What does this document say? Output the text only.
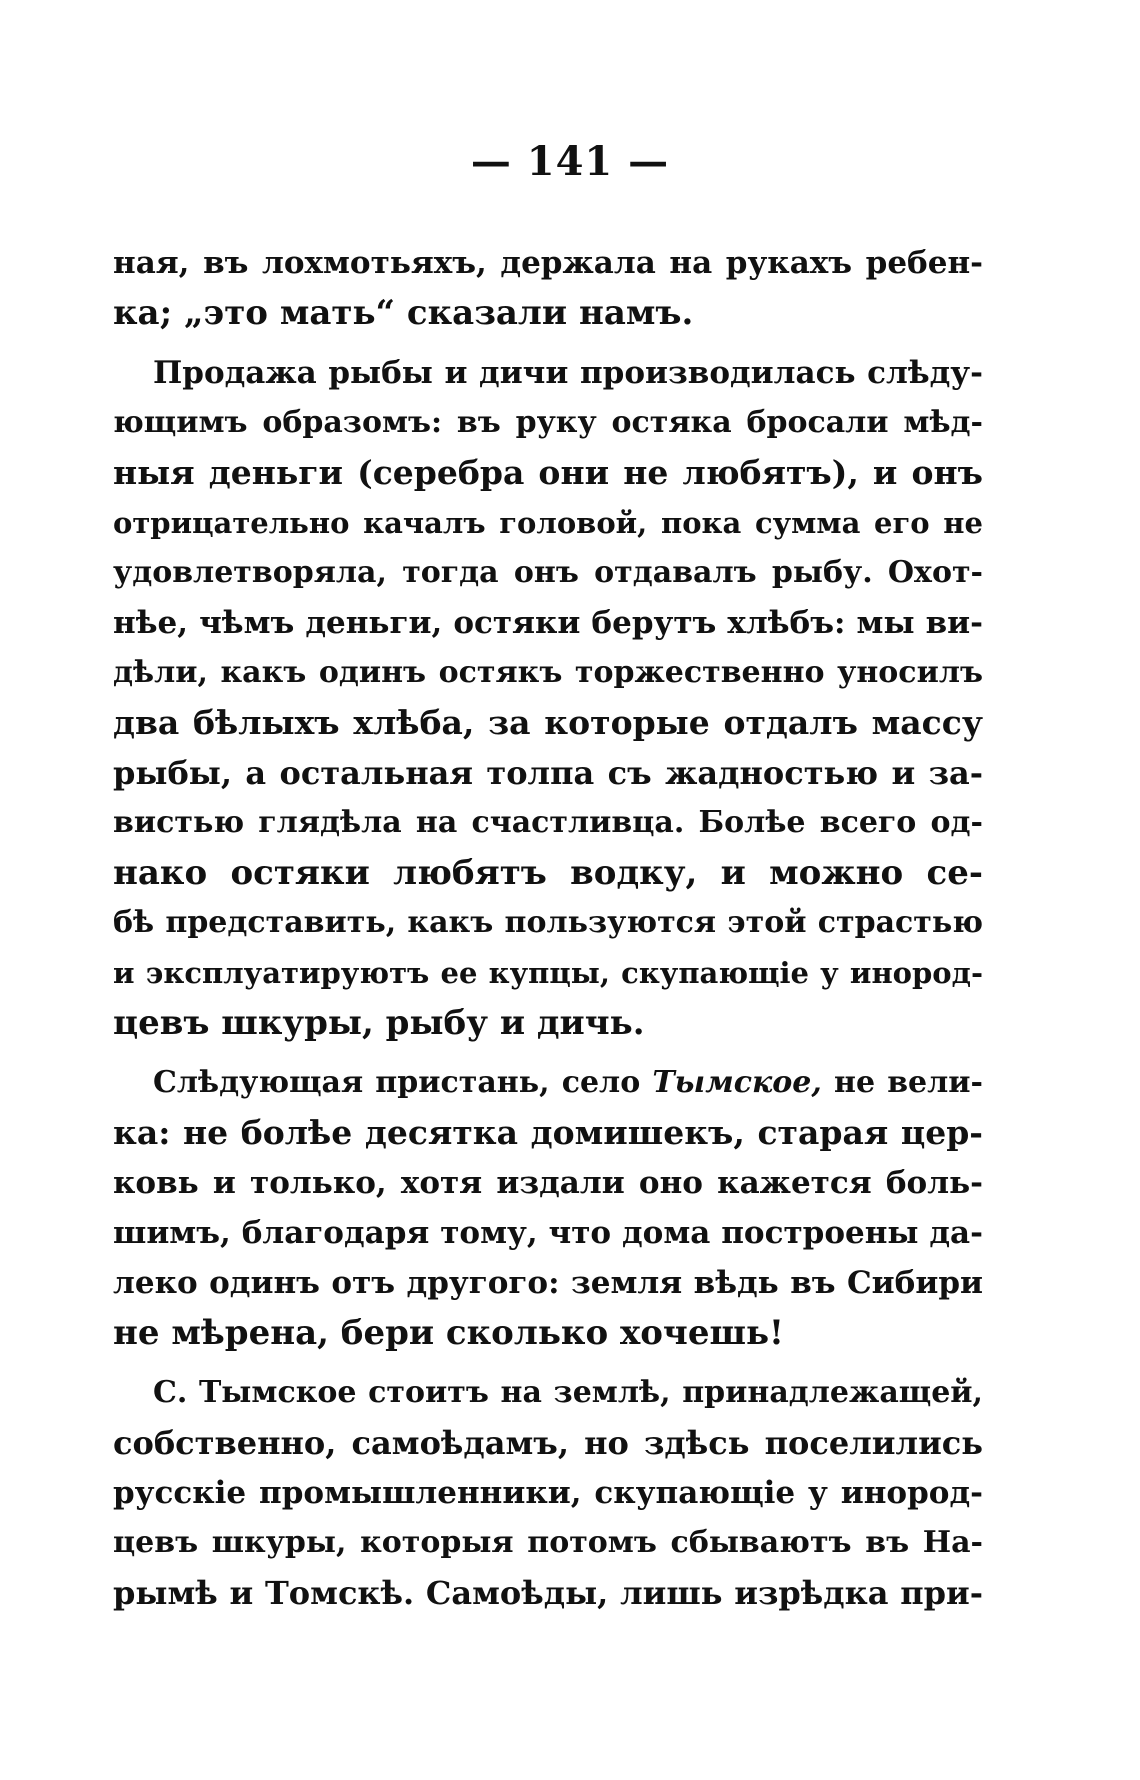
— 141 —
ная, въ лохмотьяхъ, держала на рукахъ ребен-
ка; „это мать“ сказали намъ.
Продажа рыбы и дичи производилась слѣду-
ющимъ образомъ: въ руку остяка бросали мѣд-
ныя деньги (серебра они не любятъ), и онъ
отрицательно качалъ головой, пока сумма его не
удовлетворяла, тогда онъ отдавалъ рыбу. Охот-
нѣе, чѣмъ деньги, остяки берутъ хлѣбъ: мы ви-
дѣли, какъ одинъ остякъ торжественно уносилъ
два бѣлыхъ хлѣба, за которые отдалъ массу
рыбы, а остальная толпа съ жадностью и за-
вистью глядѣла на счастливца. Болѣе всего од-
нако остяки любятъ водку, и можно се-
бѣ представить, какъ пользуются этой страстью
и эксплуатируютъ ее купцы, скупающіе у инород-
цевъ шкуры, рыбу и дичь.
Слѣдующая пристань, село Тымское, не вели-
ка: не болѣе десятка домишекъ, старая цер-
ковь и только, хотя издали оно кажется боль-
шимъ, благодаря тому, что дома построены да-
леко одинъ отъ другого: земля вѣдь въ Сибири
не мѣрена, бери сколько хочешь!
С. Тымское стоитъ на землѣ, принадлежащей,
собственно, самоѣдамъ, но здѣсь поселились
русскіе промышленники, скупающіе у инород-
цевъ шкуры, которыя потомъ сбываютъ въ На-
рымѣ и Томскѣ. Самоѣды, лишь изрѣдка при-
